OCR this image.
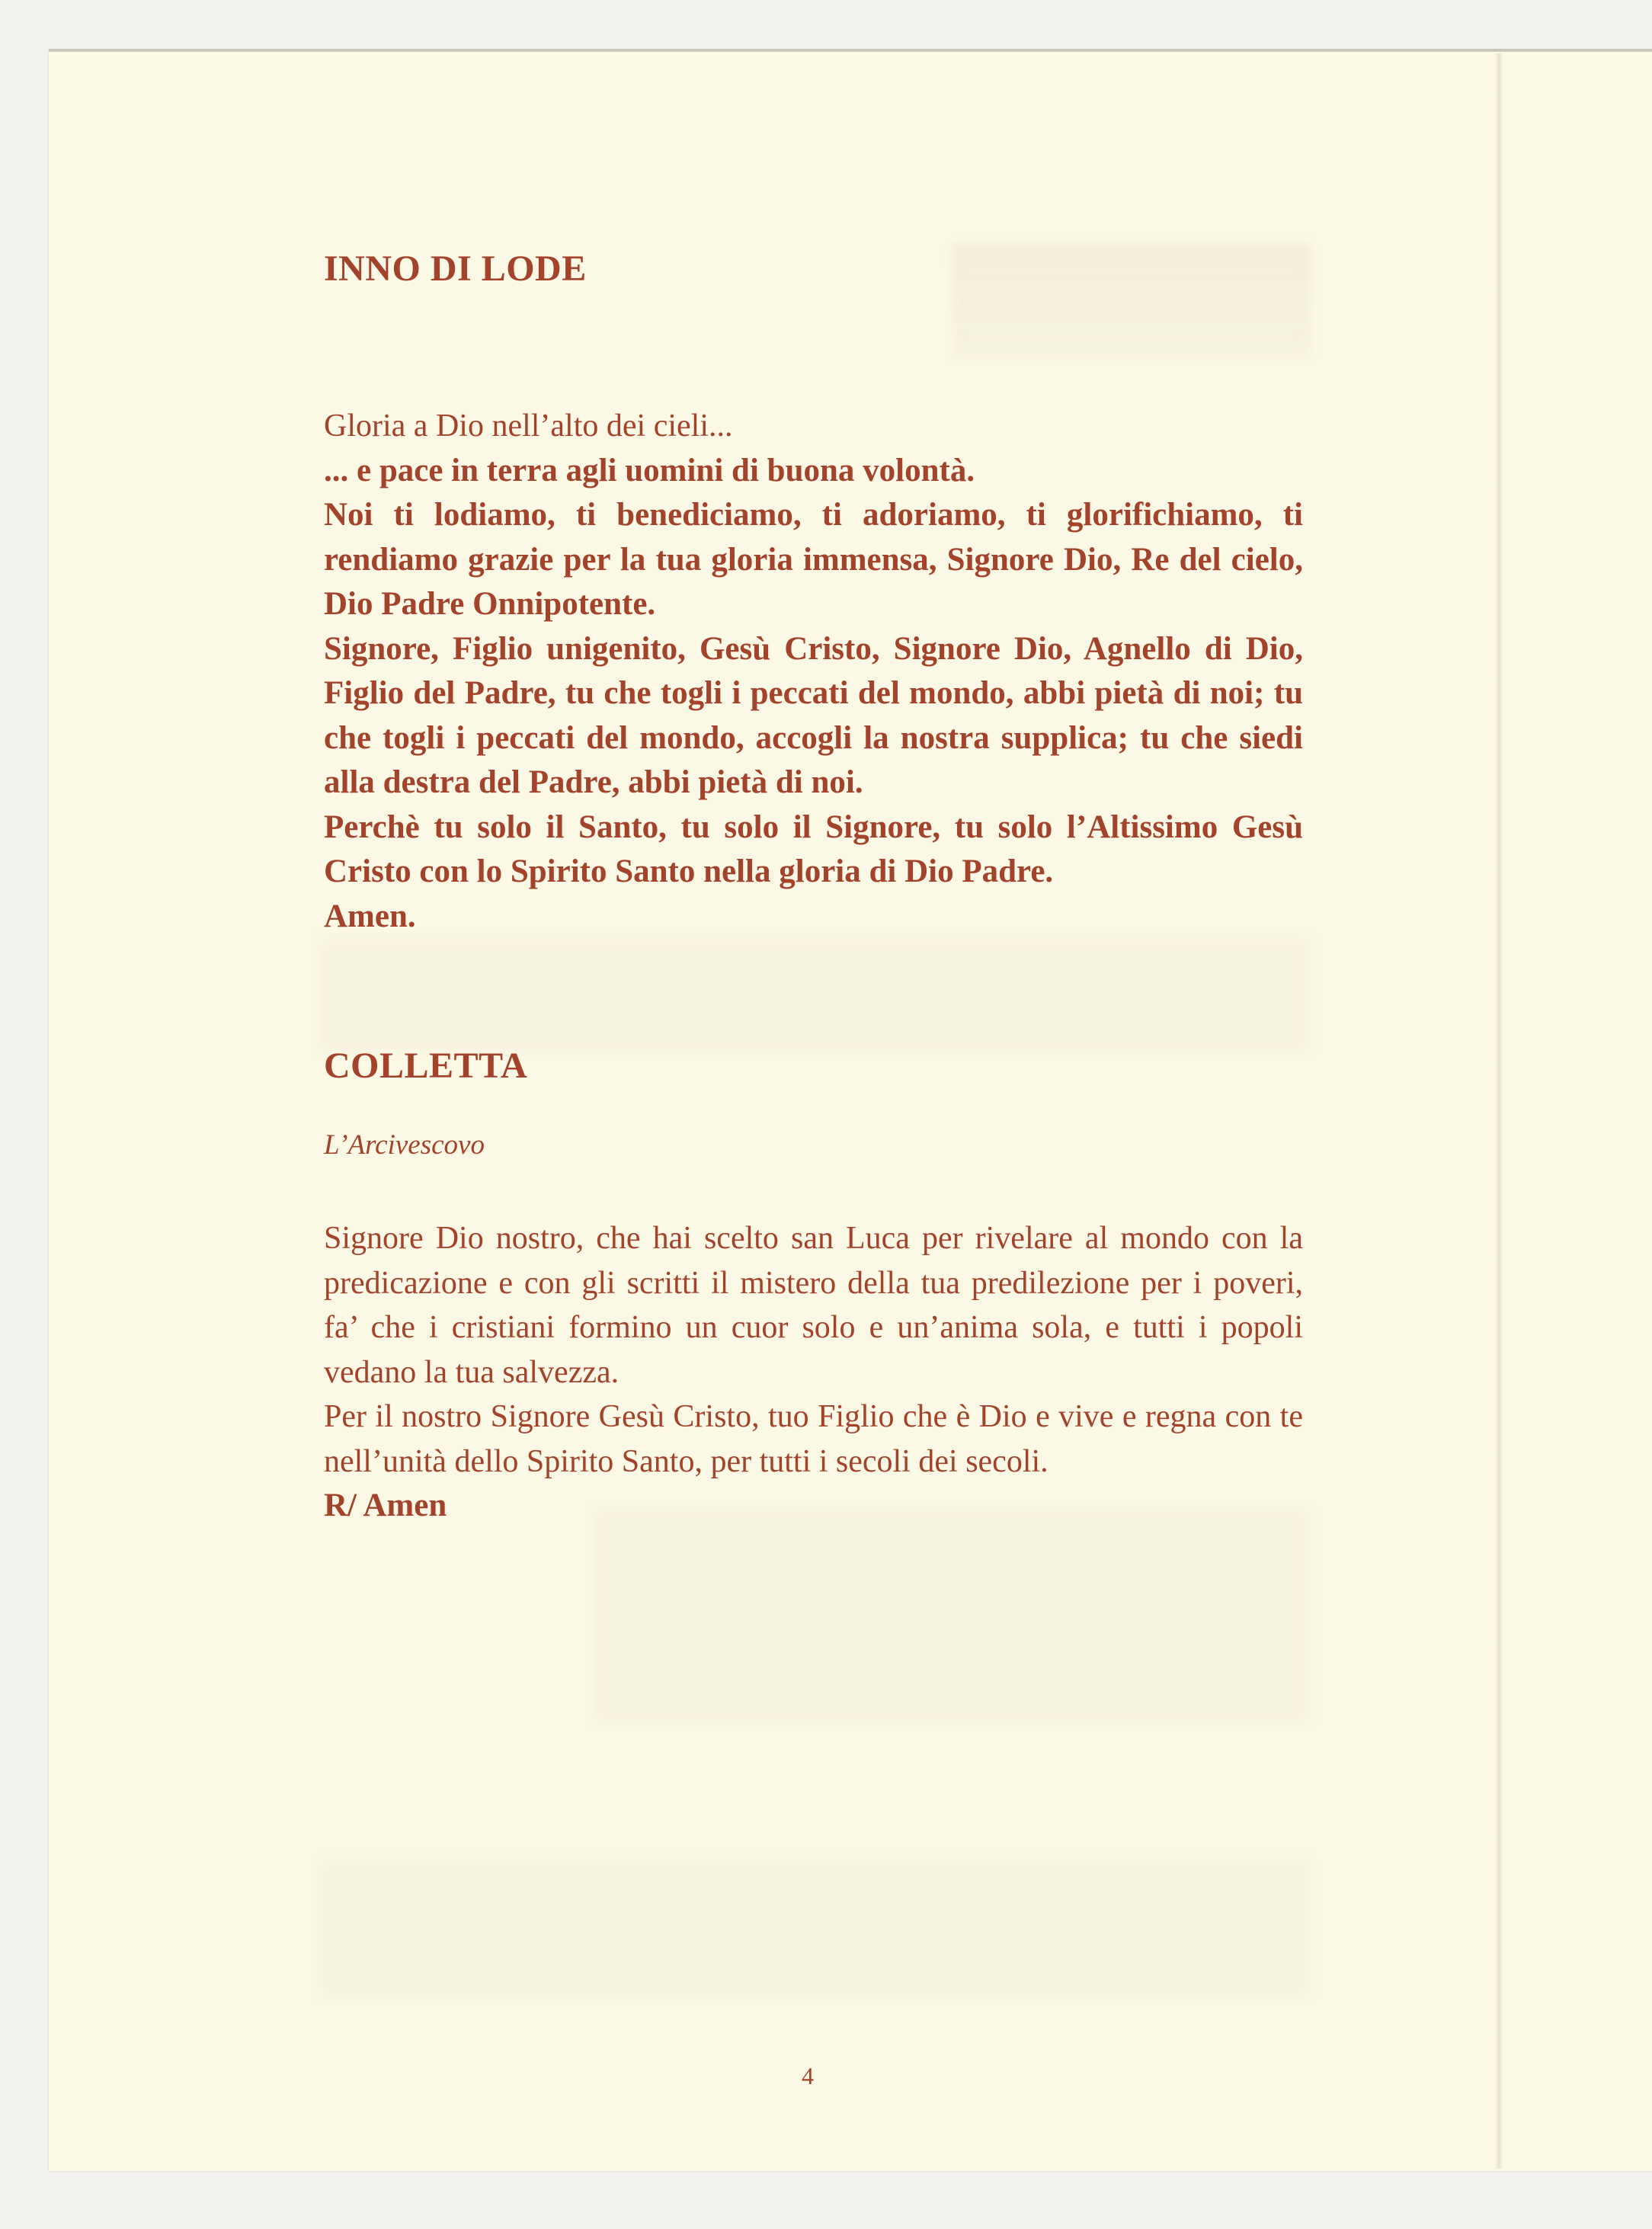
INNO DI LODE

Gloria a Dio nell’alto dei cieli...

... e pace in terra agli uomini di buona volontà.

Noi ti lodiamo, ti benediciamo, ti adoriamo, ti glorifichiamo, ti rendiamo grazie per la tua gloria immensa, Signore Dio, Re del cielo, Dio Padre Onnipotente.

Signore, Figlio unigenito, Gesù Cristo, Signore Dio, Agnello di Dio, Figlio del Padre, tu che togli i peccati del mondo, abbi pietà di noi; tu che togli i peccati del mondo, accogli la nostra supplica; tu che siedi alla destra del Padre, abbi pietà di noi.

Perchè tu solo il Santo, tu solo il Signore, tu solo l’Altissimo Gesù Cristo con lo Spirito Santo nella gloria di Dio Padre.

Amen.

COLLETTA

L’Arcivescovo

Signore Dio nostro, che hai scelto san Luca per rivelare al mondo con la predicazione e con gli scritti il mistero della tua predilezione per i poveri, fa’ che i cristiani formino un cuor solo e un’anima sola, e tutti i popoli vedano la tua salvezza.

Per il nostro Signore Gesù Cristo, tuo Figlio che è Dio e vive e regna con te nell’unità dello Spirito Santo, per tutti i secoli dei secoli.

R/ Amen

4
